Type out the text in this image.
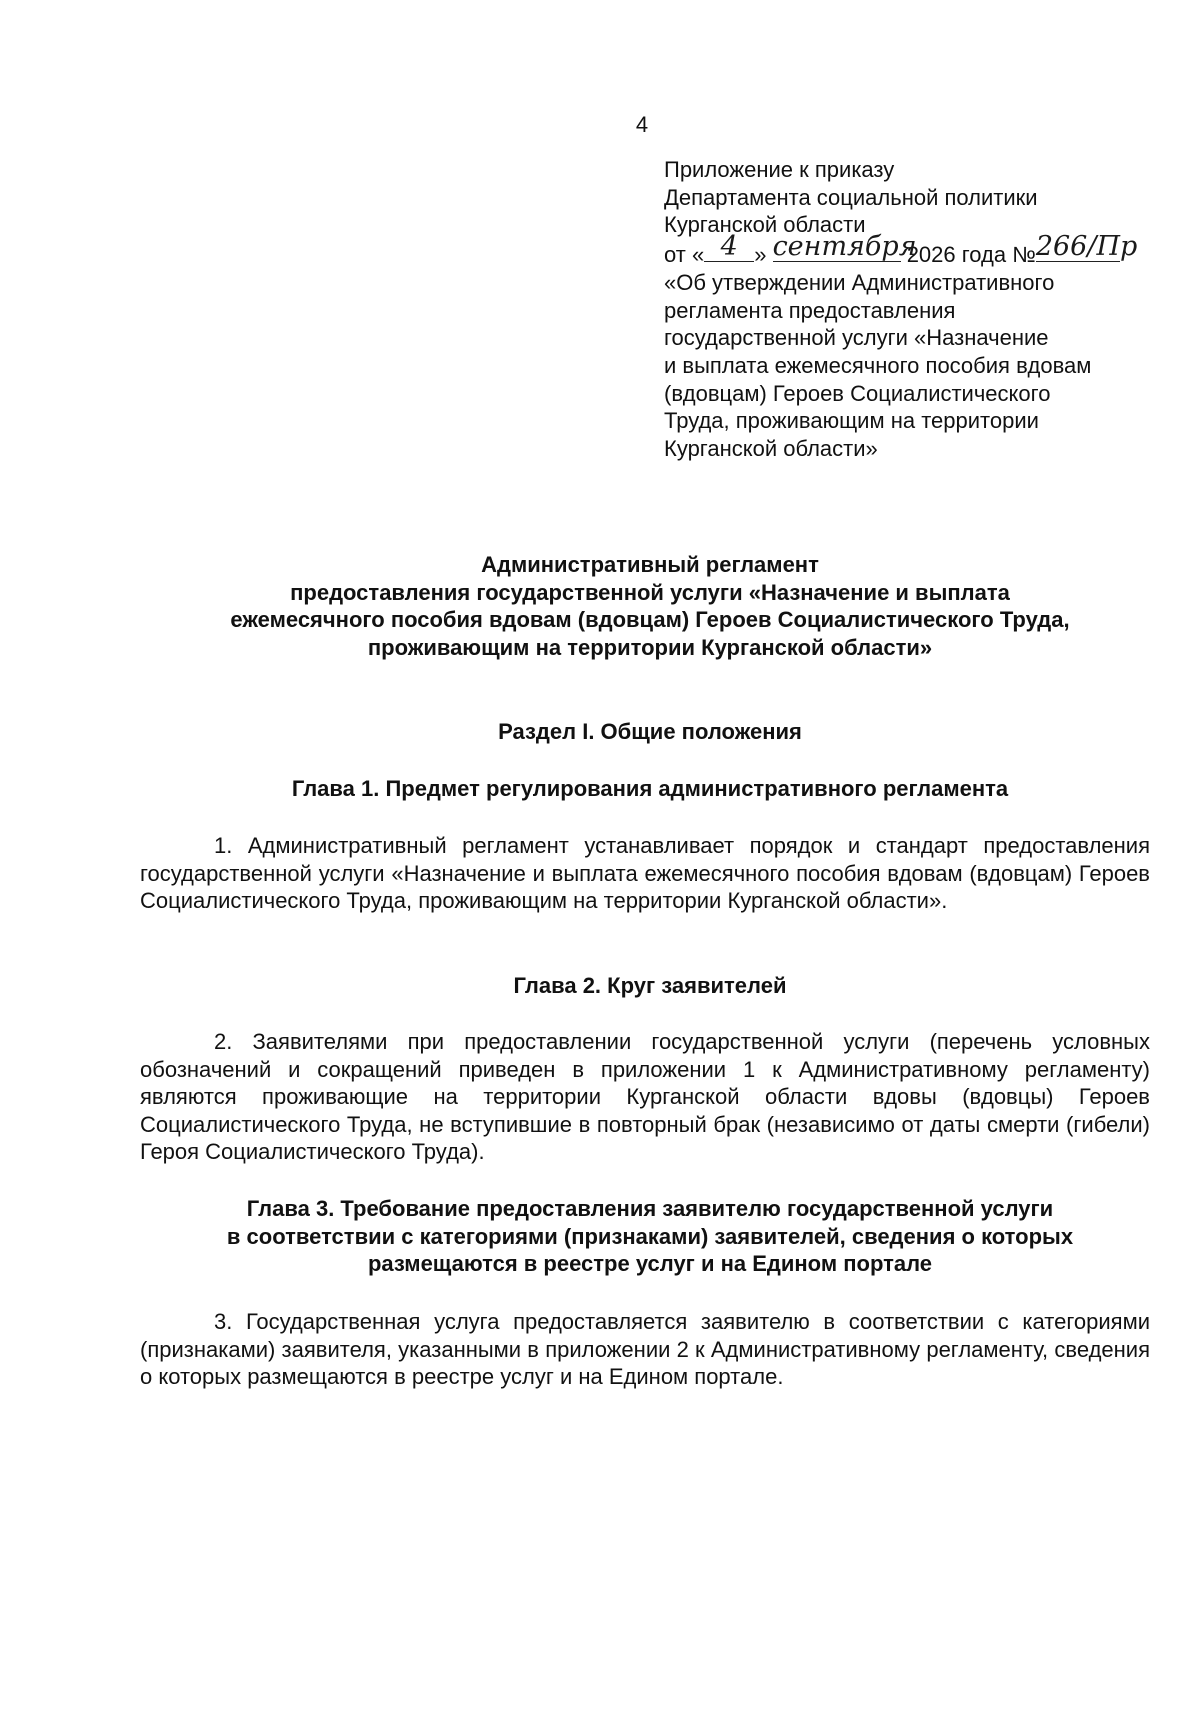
4
Приложение к приказу
Департамента социальной политики
Курганской области
от « 4 » сентября
2026 года № 266/Пр
«Об утверждении Административного
регламента предоставления
государственной услуги «Назначение
и выплата ежемесячного пособия вдовам
(вдовцам) Героев Социалистического
Труда, проживающим на территории
Курганской области»
Административный регламент
предоставления государственной услуги «Назначение и выплата
ежемесячного пособия вдовам (вдовцам) Героев Социалистического Труда,
проживающим на территории Курганской области»
Раздел I. Общие положения
Глава 1. Предмет регулирования административного регламента
1. Административный регламент устанавливает порядок и стандарт предоставления государственной услуги «Назначение и выплата ежемесячного пособия вдовам (вдовцам) Героев Социалистического Труда, проживающим на территории Курганской области».
Глава 2. Круг заявителей
2. Заявителями при предоставлении государственной услуги (перечень условных обозначений и сокращений приведен в приложении 1 к Административному регламенту) являются проживающие на территории Курганской области вдовы (вдовцы) Героев Социалистического Труда, не вступившие в повторный брак (независимо от даты смерти (гибели) Героя Социалистического Труда).
Глава 3. Требование предоставления заявителю государственной услуги
в соответствии с категориями (признаками) заявителей, сведения о которых
размещаются в реестре услуг и на Едином портале
3. Государственная услуга предоставляется заявителю в соответствии с категориями (признаками) заявителя, указанными в приложении 2 к Административному регламенту, сведения о которых размещаются в реестре услуг и на Едином портале.
